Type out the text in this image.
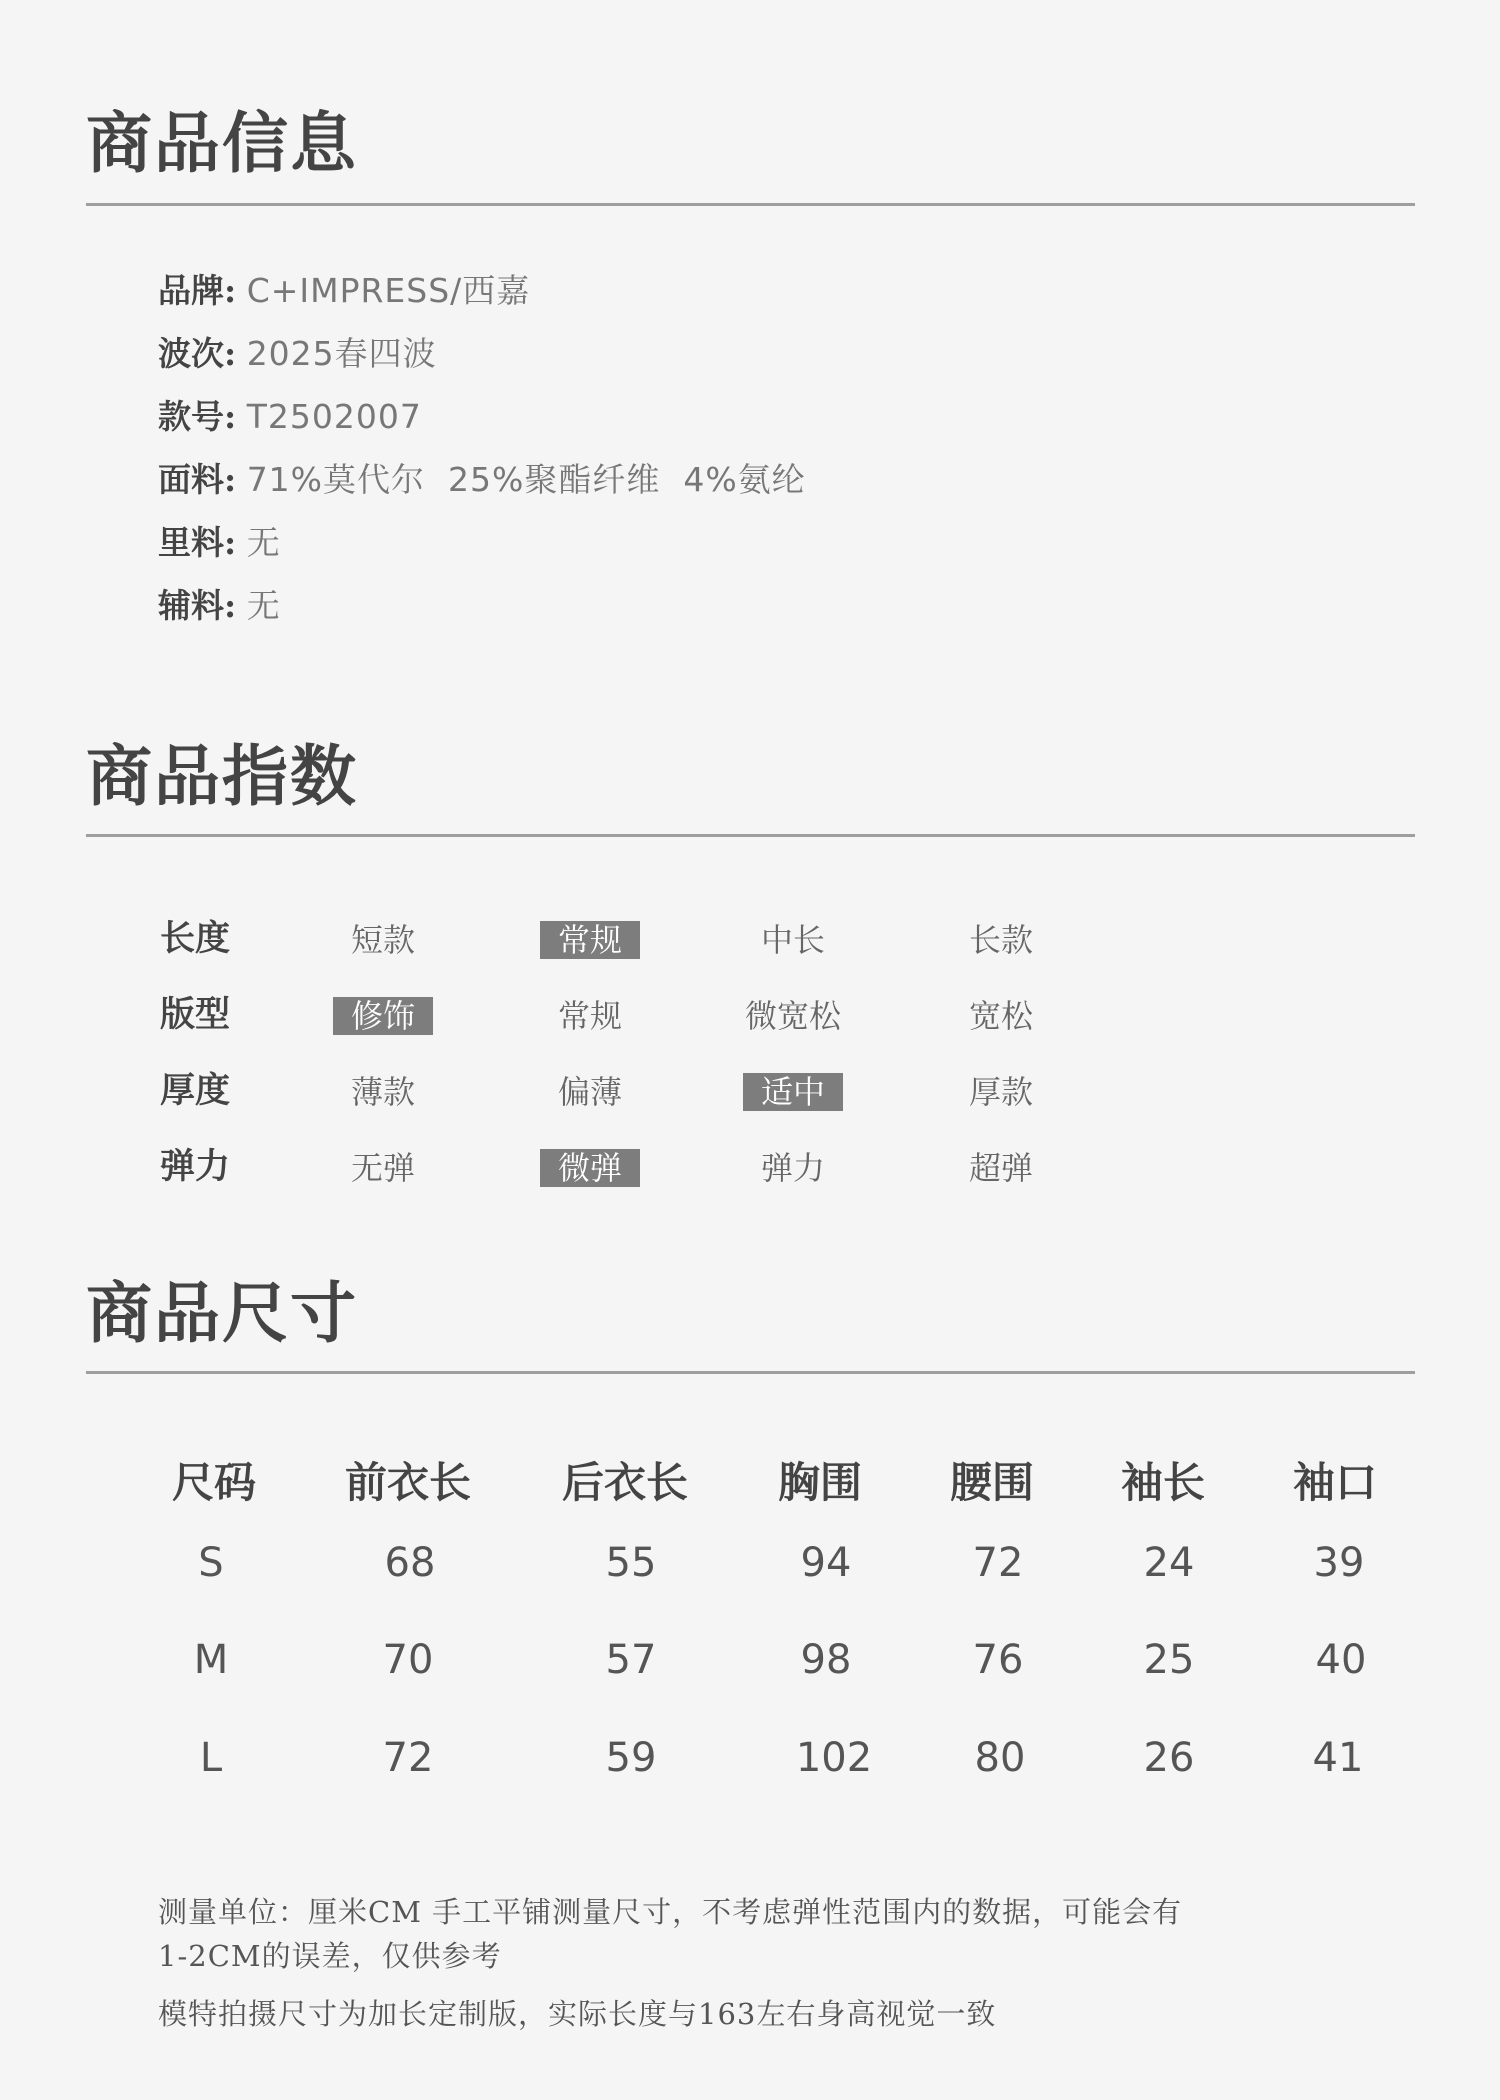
商品信息
品牌: C+IMPRESS/西嘉
波次: 2025春四波
款号: T2502007
面料: 71%莫代尔  25%聚酯纤维  4%氨纶
里料: 无
辅料: 无
商品指数
长度	短款	常规	中长	长款
版型	修饰	常规	微宽松	宽松
厚度	薄款	偏薄	适中	厚款
弹力	无弹	微弹	弹力	超弹
商品尺寸
尺码	前衣长	后衣长	胸围	腰围	袖长	袖口
S	68	55	94	72	24	39
M	70	57	98	76	25	40
L	72	59	102	80	26	41
测量单位：厘米CM 手工平铺测量尺寸，不考虑弹性范围内的数据，可能会有
1-2CM的误差，仅供参考
模特拍摄尺寸为加长定制版，实际长度与163左右身高视觉一致
